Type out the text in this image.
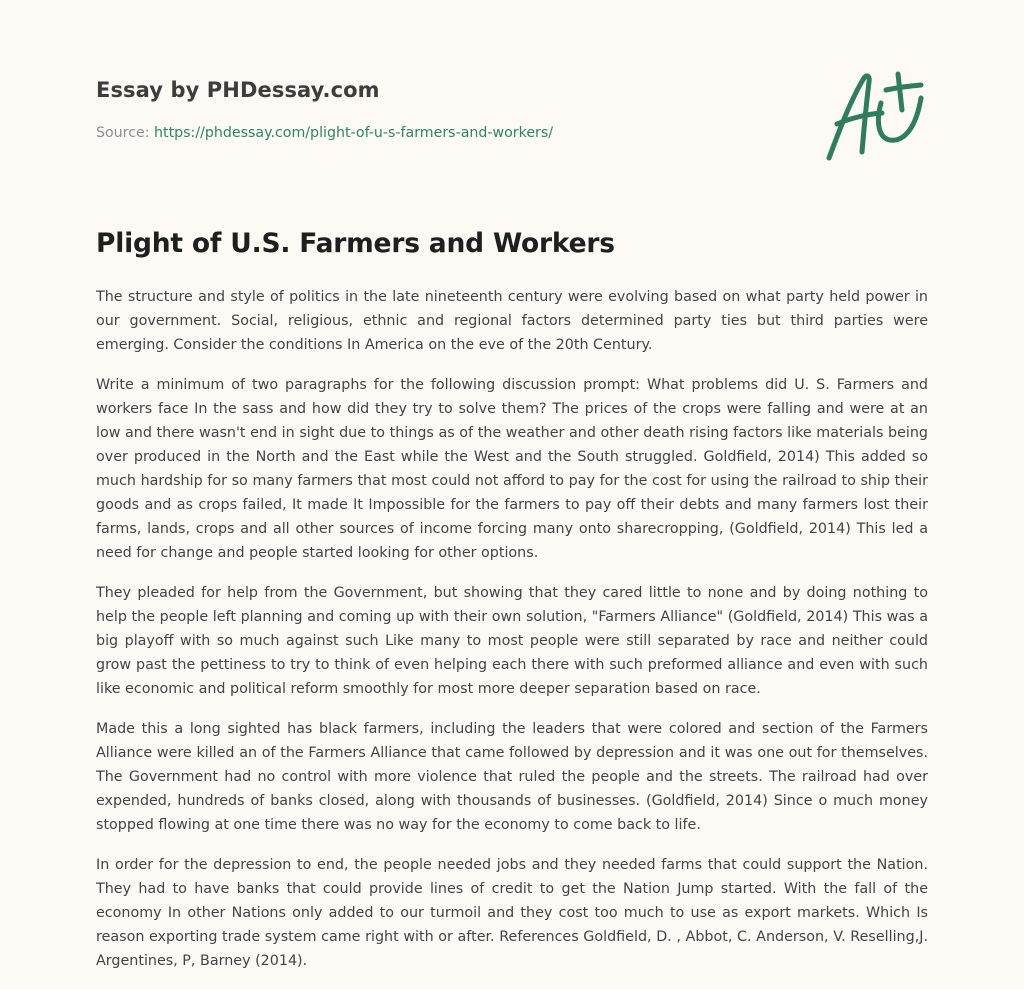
Essay by PHDessay.com
Source: https://phdessay.com/plight-of-u-s-farmers-and-workers/
Plight of U.S. Farmers and Workers

The structure and style of politics in the late nineteenth century were evolving based on what party held power in our government. Social, religious, ethnic and regional factors determined party ties but third parties were emerging. Consider the conditions In America on the eve of the 20th Century.

Write a minimum of two paragraphs for the following discussion prompt: What problems did U. S. Farmers and workers face In the sass and how did they try to solve them? The prices of the crops were falling and were at an low and there wasn't end in sight due to things as of the weather and other death rising factors like materials being over produced in the North and the East while the West and the South struggled. Goldfield, 2014) This added so much hardship for so many farmers that most could not afford to pay for the cost for using the railroad to ship their goods and as crops failed, It made It Impossible for the farmers to pay off their debts and many farmers lost their farms, lands, crops and all other sources of income forcing many onto sharecropping, (Goldfield, 2014) This led a need for change and people started looking for other options.

They pleaded for help from the Government, but showing that they cared little to none and by doing nothing to help the people left planning and coming up with their own solution, "Farmers Alliance" (Goldfield, 2014) This was a big playoff with so much against such Like many to most people were still separated by race and neither could grow past the pettiness to try to think of even helping each there with such preformed alliance and even with such like economic and political reform smoothly for most more deeper separation based on race.

Made this a long sighted has black farmers, including the leaders that were colored and section of the Farmers Alliance were killed an of the Farmers Alliance that came followed by depression and it was one out for themselves. The Government had no control with more violence that ruled the people and the streets. The railroad had over expended, hundreds of banks closed, along with thousands of businesses. (Goldfield, 2014) Since o much money stopped flowing at one time there was no way for the economy to come back to life.

In order for the depression to end, the people needed jobs and they needed farms that could support the Nation. They had to have banks that could provide lines of credit to get the Nation Jump started. With the fall of the economy In other Nations only added to our turmoil and they cost too much to use as export markets. Which Is reason exporting trade system came right with or after. References Goldfield, D. , Abbot, C. Anderson, V. Reselling,J. Argentines, P, Barney (2014).
